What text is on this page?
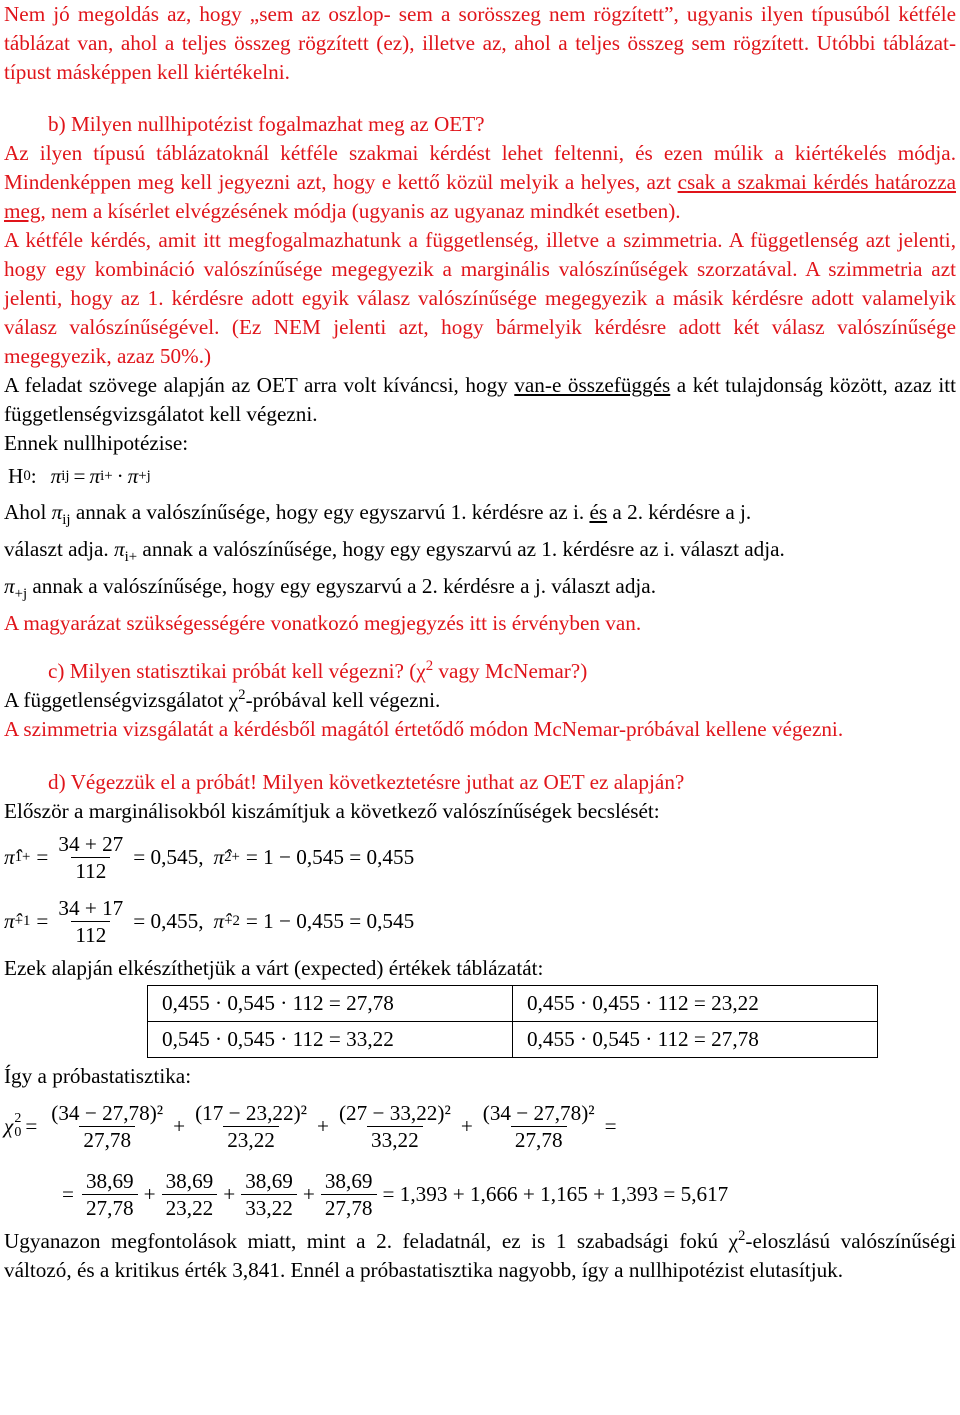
Nem jó megoldás az, hogy „sem az oszlop- sem a sorösszeg nem rögzített”, ugyanis ilyen típusúból kétféle táblázat van, ahol a teljes összeg rögzített (ez), illetve az, ahol a teljes összeg sem rögzített. Utóbbi táblázat-típust másképpen kell kiértékelni.

b) Milyen nullhipotézist fogalmazhat meg az OET?

Az ilyen típusú táblázatoknál kétféle szakmai kérdést lehet feltenni, és ezen múlik a kiértékelés módja. Mindenképpen meg kell jegyezni azt, hogy e kettő közül melyik a helyes, azt csak a szakmai kérdés határozza meg, nem a kísérlet elvégzésének módja (ugyanis az ugyanaz mindkét esetben).

A kétféle kérdés, amit itt megfogalmazhatunk a függetlenség, illetve a szimmetria. A függetlenség azt jelenti, hogy egy kombináció valószínűsége megegyezik a marginális valószínűségek szorzatával. A szimmetria azt jelenti, hogy az 1. kérdésre adott egyik válasz valószínűsége megegyezik a másik kérdésre adott valamelyik válasz valószínűségével. (Ez NEM jelenti azt, hogy bármelyik kérdésre adott két válasz valószínűsége megegyezik, azaz 50%.)

A feladat szövege alapján az OET arra volt kíváncsi, hogy van-e összefüggés a két tulajdonság között, azaz itt függetlenségvizsgálatot kell végezni.

Ennek nullhipotézise:

H 0 : π ij = π i+ · π +j

Ahol $\pi_{ij}$ annak a valószínűsége, hogy egy egyszarvú 1. kérdésre az i. és a 2. kérdésre a j.

választ adja. $\pi_{i+}$ annak a valószínűsége, hogy egy egyszarvú az 1. kérdésre az i. választ adja.

$\pi_{+j}$ annak a valószínűsége, hogy egy egyszarvú a 2. kérdésre a j. választ adja.

A magyarázat szükségességére vonatkozó megjegyzés itt is érvényben van.

c) Milyen statisztikai próbát kell végezni? ($\chi^2$ vagy McNemar?)

A függetlenségvizsgálatot $\chi^2$-próbával kell végezni.

A szimmetria vizsgálatát a kérdésből magától értetődő módon McNemar-próbával kellene végezni.

d) Végezzük el a próbát! Milyen következtetésre juthat az OET ez alapján?

Először a marginálisokból kiszámítjuk a következő valószínűségek becslését:

π̂ $1+ = \frac{34 + 27}{112} = 0,545$, π̂ 2+ = 1 − 0,545 = 0,455
π̂ $+1 = \frac{34 + 17}{112} = 0,455$, π̂ +2 = 1 − 0,455 = 0,545

Ezek alapján elkészíthetjük a várt (expected) értékek táblázatát:

0,455 · 0,545 · 112 = 27,78	0,455 · 0,455 · 112 = 23,22
0,545 · 0,545 · 112 = 33,22	0,455 · 0,545 · 112 = 27,78

Így a próbastatisztika:

χ 2
$0 = \frac{\text{(34 − 27,78)²}}{27,78} + \frac{\text{(17 − 23,22)²}}{23,22} + \frac{\text{(27 − 33,22)²}}{33,22} + \frac{\text{(34 − 27,78)²}}{27,78}$ =
= $\frac{38,69}{27,78} + \frac{38,69}{23,22} + \frac{38,69}{33,22} + \frac{38,69}{27,78} = 1,393 + 1,666 + 1,165 + 1,393 = 5,617$

Ugyanazon megfontolások miatt, mint a 2. feladatnál, ez is 1 szabadsági fokú $\chi^2$-eloszlású valószínűségi változó, és a kritikus érték 3,841. Ennél a próbastatisztika nagyobb, így a nullhipotézist elutasítjuk.
